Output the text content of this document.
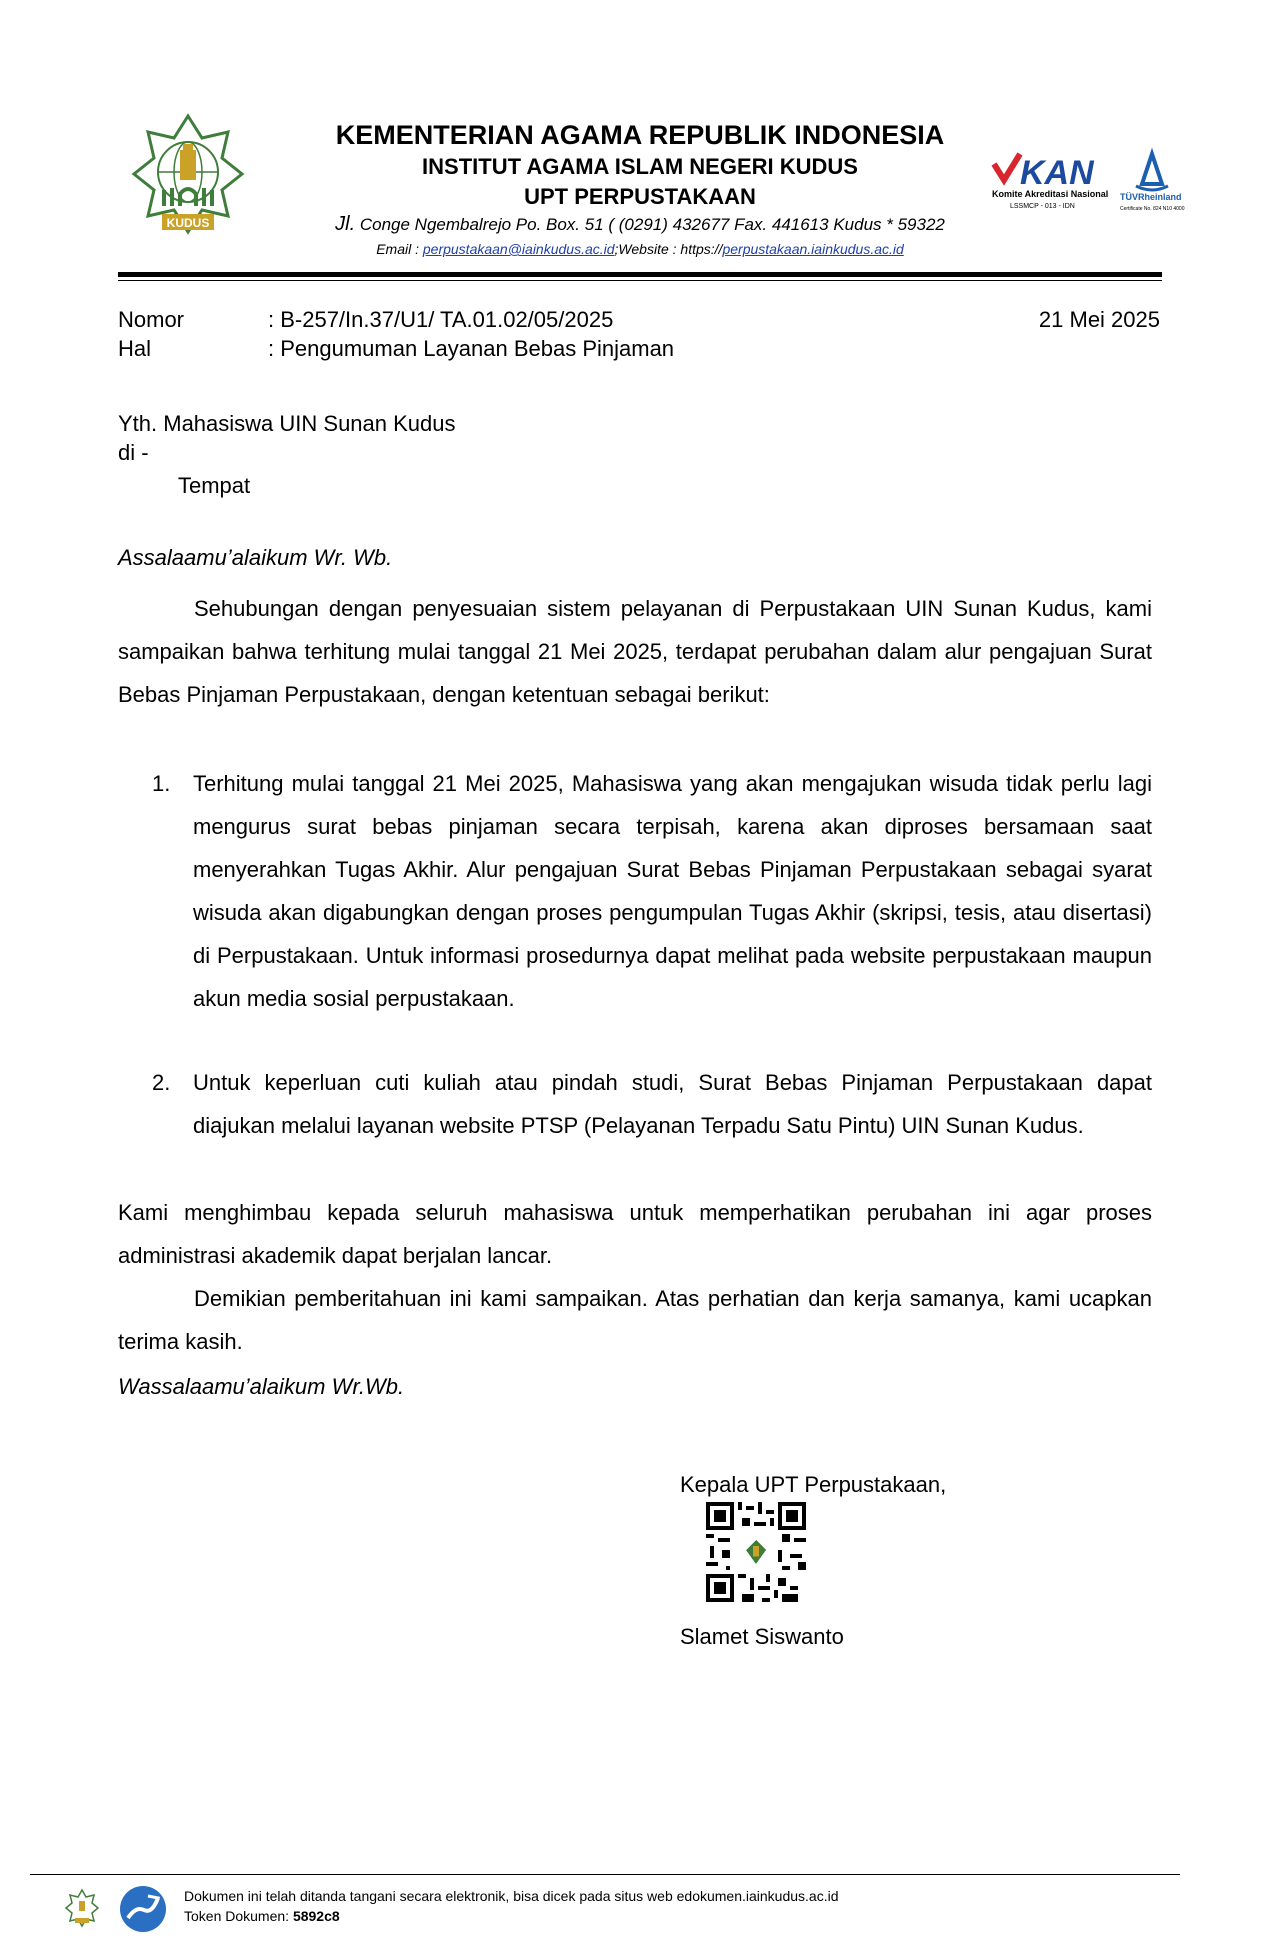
KUDUS
KEMENTERIAN AGAMA REPUBLIK INDONESIA
INSTITUT AGAMA ISLAM NEGERI KUDUS
UPT PERPUSTAKAAN
Jl. Conge Ngembalrejo Po. Box. 51 ( (0291) 432677 Fax. 441613 Kudus * 59322
Email : perpustakaan@iainkudus.ac.id;Website : https://perpustakaan.iainkudus.ac.id
KAN
Komite Akreditasi Nasional
LSSMCP - 013 - IDN
TÜVRheinland
Certificate No. 824 N10 4000
Nomor	: B-257/In.37/U1/ TA.01.02/05/2025	21 Mei 2025
Hal	: Pengumuman Layanan Bebas Pinjaman
Yth. Mahasiswa UIN Sunan Kudus
di -
Tempat
Assalaamu’alaikum Wr. Wb.
Sehubungan dengan penyesuaian sistem pelayanan di Perpustakaan UIN Sunan Kudus, kami sampaikan bahwa terhitung mulai tanggal 21 Mei 2025, terdapat perubahan dalam alur pengajuan Surat Bebas Pinjaman Perpustakaan, dengan ketentuan sebagai berikut:
1.	Terhitung mulai tanggal 21 Mei 2025, Mahasiswa yang akan mengajukan wisuda tidak perlu lagi mengurus surat bebas pinjaman secara terpisah, karena akan diproses bersamaan saat menyerahkan Tugas Akhir. Alur pengajuan Surat Bebas Pinjaman Perpustakaan sebagai syarat wisuda akan digabungkan dengan proses pengumpulan Tugas Akhir (skripsi, tesis, atau disertasi) di Perpustakaan. Untuk informasi prosedurnya dapat melihat pada website perpustakaan maupun akun media sosial perpustakaan.
2.	Untuk keperluan cuti kuliah atau pindah studi, Surat Bebas Pinjaman Perpustakaan dapat diajukan melalui layanan website PTSP (Pelayanan Terpadu Satu Pintu) UIN Sunan Kudus.
Kami menghimbau kepada seluruh mahasiswa untuk memperhatikan perubahan ini agar proses administrasi akademik dapat berjalan lancar.
Demikian pemberitahuan ini kami sampaikan. Atas perhatian dan kerja samanya, kami ucapkan terima kasih.
Wassalaamu’alaikum Wr.Wb.
Kepala UPT Perpustakaan,
Slamet Siswanto
Dokumen ini telah ditanda tangani secara elektronik, bisa dicek pada situs web edokumen.iainkudus.ac.id
Token Dokumen: 5892c8
